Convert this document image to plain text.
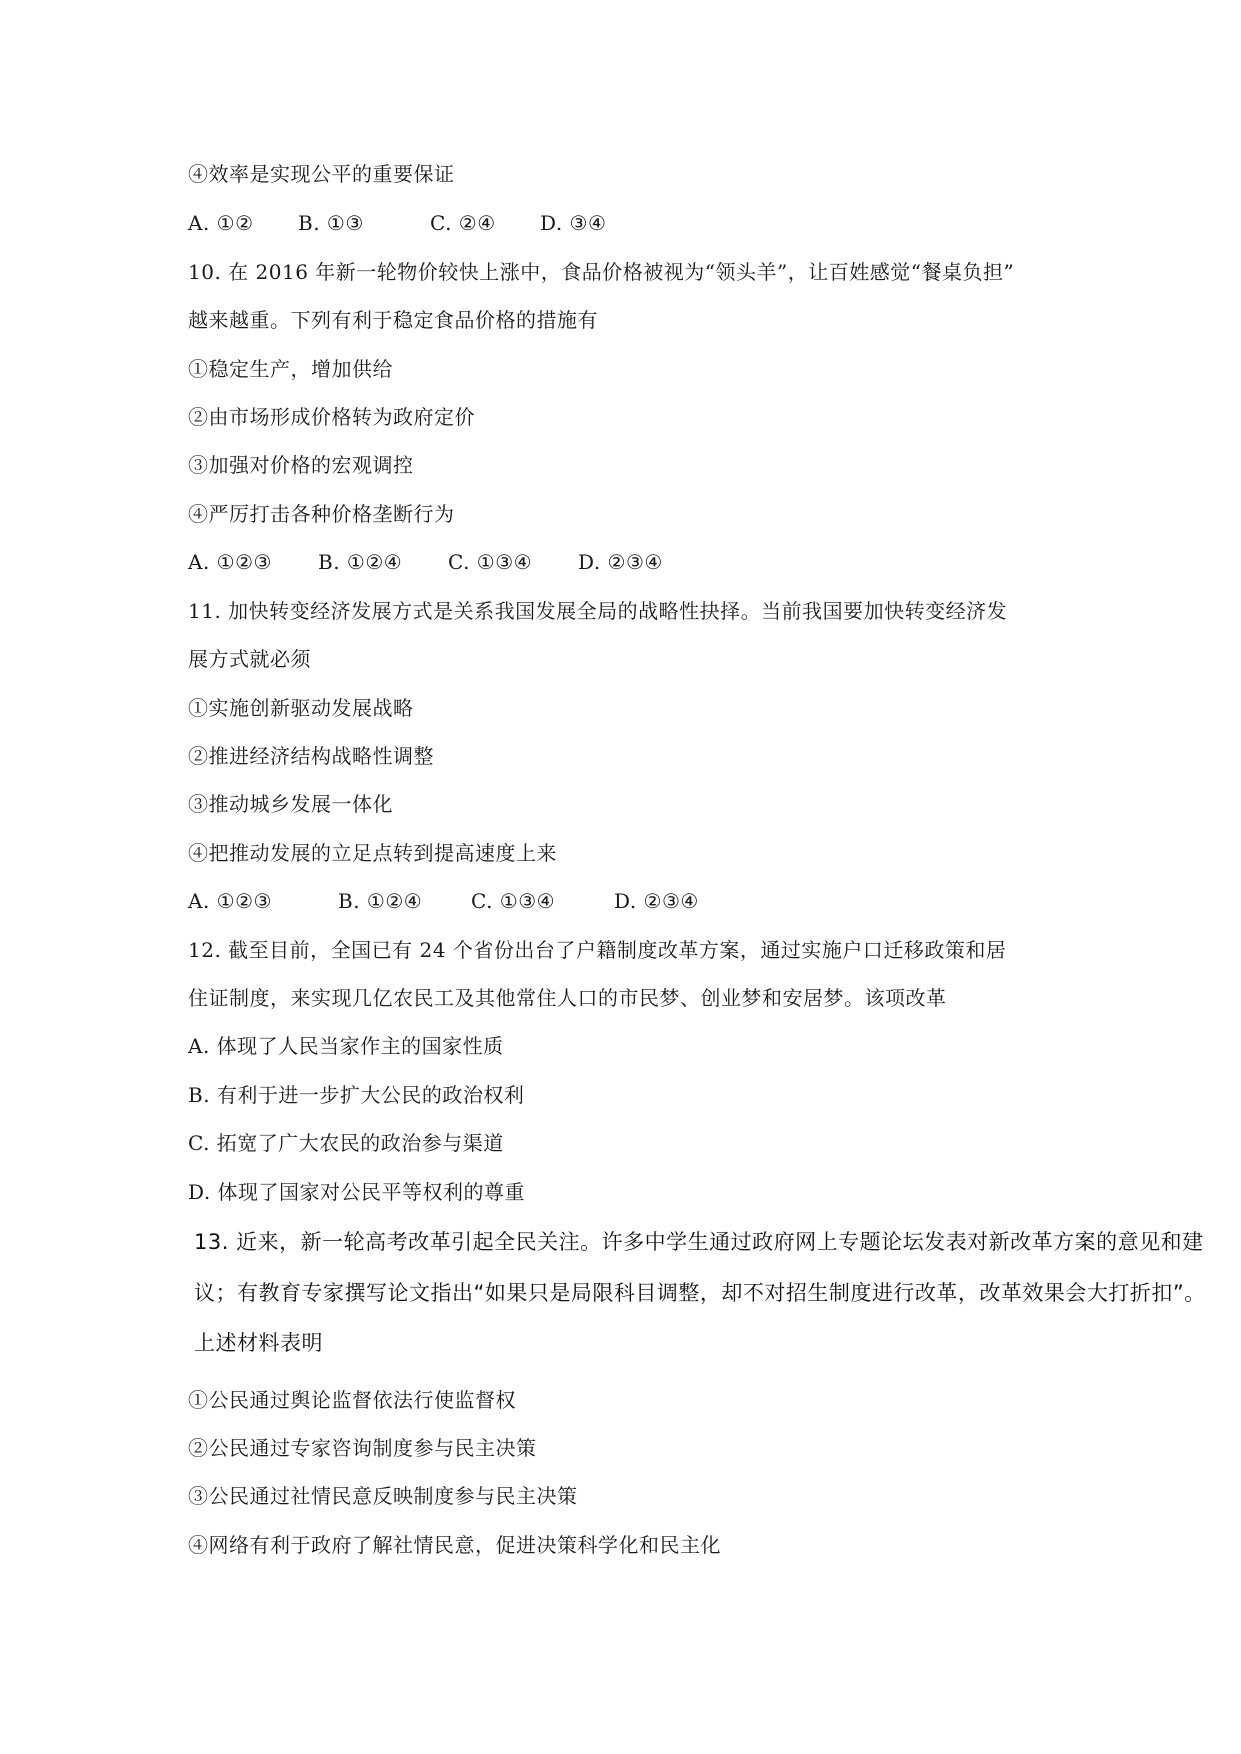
④效率是实现公平的重要保证
A. ①② B. ①③	C. ②④ D. ③④
10. 在 2016 年新一轮物价较快上涨中，食品价格被视为“领头羊”，让百姓感觉“餐桌负担”
越来越重。下列有利于稳定食品价格的措施有
①稳定生产，增加供给
②由市场形成价格转为政府定价
③加强对价格的宏观调控
④严厉打击各种价格垄断行为
A. ①②③ B. ①②④ C. ①③④ D. ②③④
11. 加快转变经济发展方式是关系我国发展全局的战略性抉择。当前我国要加快转变经济发
展方式就必须
①实施创新驱动发展战略
②推进经济结构战略性调整
③推动城乡发展一体化
④把推动发展的立足点转到提高速度上来
A. ①②③	B. ①②④ C. ①③④	D. ②③④
12. 截至目前，全国已有 24 个省份出台了户籍制度改革方案，通过实施户口迁移政策和居
住证制度，来实现几亿农民工及其他常住人口的市民梦、创业梦和安居梦。该项改革
A. 体现了人民当家作主的国家性质
B. 有利于进一步扩大公民的政治权利
C. 拓宽了广大农民的政治参与渠道
D. 体现了国家对公民平等权利的尊重
13. 近来，新一轮高考改革引起全民关注。许多中学生通过政府网上专题论坛发表对新改革方案的意见和建
议；有教育专家撰写论文指出“如果只是局限科目调整，却不对招生制度进行改革，改革效果会大打折扣”。
上述材料表明
①公民通过舆论监督依法行使监督权
②公民通过专家咨询制度参与民主决策
③公民通过社情民意反映制度参与民主决策
④网络有利于政府了解社情民意，促进决策科学化和民主化
